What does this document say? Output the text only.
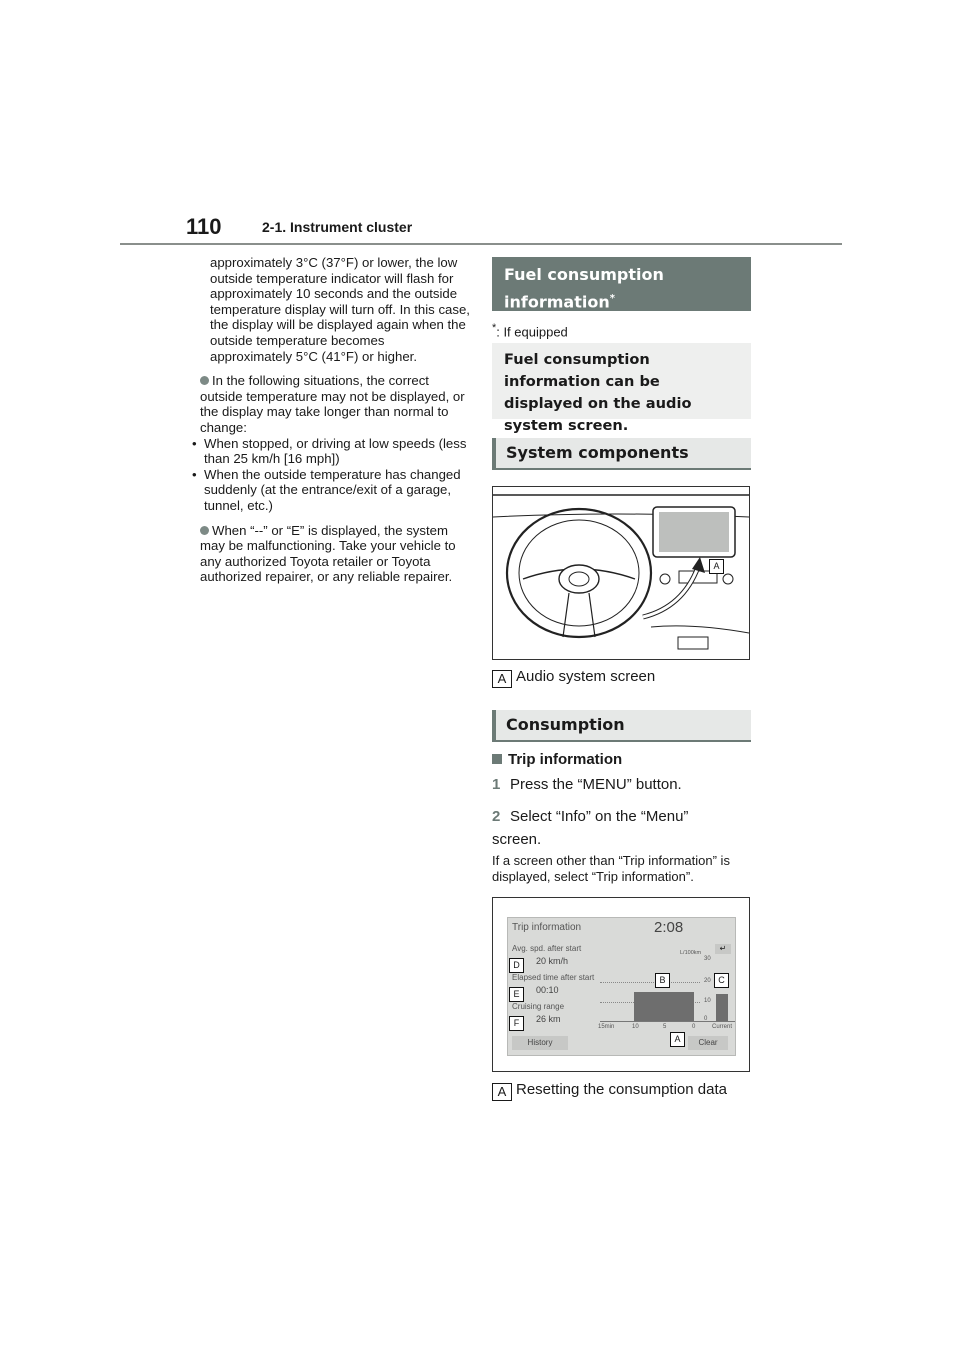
110	2-1. Instrument cluster

approximately 3°C (37°F) or lower, the low outside temperature indicator will flash for approximately 10 seconds and the outside temperature display will turn off. In this case, the display will be displayed again when the outside temperature becomes approximately 5°C (41°F) or higher.

In the following situations, the correct outside temperature may not be displayed, or the display may take longer than normal to change:
• When stopped, or driving at low speeds (less than 25 km/h [16 mph])
• When the outside temperature has changed suddenly (at the entrance/exit of a garage, tunnel, etc.)
When “--” or “E” is displayed, the system may be malfunctioning. Take your vehicle to any authorized Toyota retailer or Toyota authorized repairer, or any reliable repairer.
Fuel consumption information*
*: If equipped
Fuel consumption information can be displayed on the audio system screen.
System components
A
A Audio system screen
Consumption
Trip information
1 Press the “MENU” button.
2 Select “Info” on the “Menu” screen.
If a screen other than “Trip information” is displayed, select “Trip information”.
Trip information	2:08
↵
L/100km
Avg. spd. after start
20 km/h
Elapsed time after start
00:10
Cruising range
26 km
30
20
10
0
15min	10	5	0	Current
History	Clear
D
E
F
B	C
A
A Resetting the consumption data
